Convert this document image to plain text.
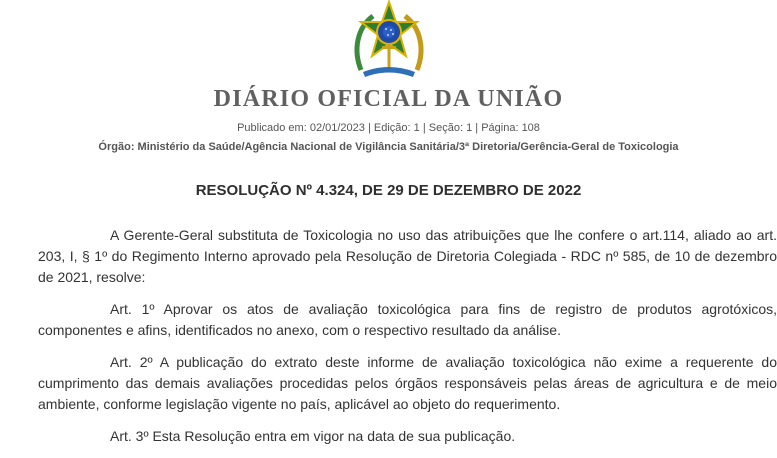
DIÁRIO OFICIAL DA UNIÃO
Publicado em: 02/01/2023 | Edição: 1 | Seção: 1 | Página: 108
Órgão: Ministério da Saúde/Agência Nacional de Vigilância Sanitária/3ª Diretoria/Gerência-Geral de Toxicologia
RESOLUÇÃO Nº 4.324, DE 29 DE DEZEMBRO DE 2022

A Gerente-Geral substituta de Toxicologia no uso das atribuições que lhe confere o art.114, aliado ao art. 203, I, § 1º do Regimento Interno aprovado pela Resolução de Diretoria Colegiada - RDC nº 585, de 10 de dezembro de 2021, resolve:

Art. 1º Aprovar os atos de avaliação toxicológica para fins de registro de produtos agrotóxicos, componentes e afins, identificados no anexo, com o respectivo resultado da análise.

Art. 2º A publicação do extrato deste informe de avaliação toxicológica não exime a requerente do cumprimento das demais avaliações procedidas pelos órgãos responsáveis pelas áreas de agricultura e de meio ambiente, conforme legislação vigente no país, aplicável ao objeto do requerimento.

Art. 3º Esta Resolução entra em vigor na data de sua publicação.
